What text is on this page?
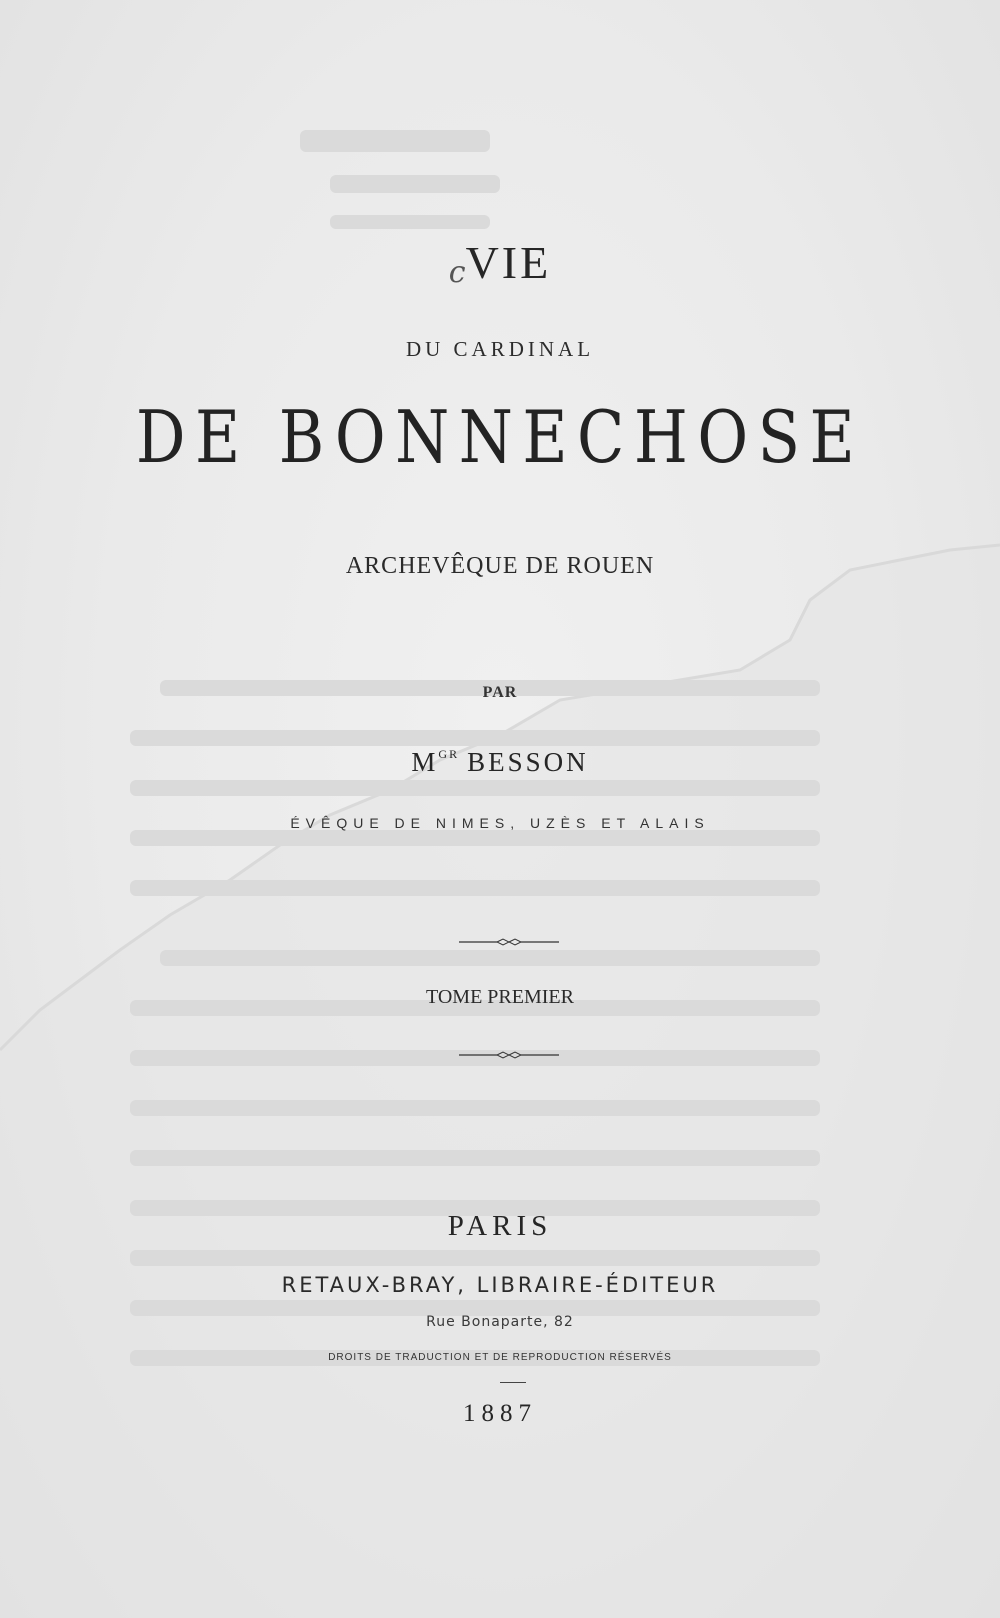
cVIE
DU CARDINAL
DE BONNECHOSE
ARCHEVÊQUE DE ROUEN
PAR
$M^{GR}$ BESSON
ÉVÊQUE DE NIMES, UZÈS ET ALAIS
TOME PREMIER
PARIS
RETAUX-BRAY, LIBRAIRE-ÉDITEUR
Rue Bonaparte, 82
DROITS DE TRADUCTION ET DE REPRODUCTION RÉSERVÉS
1887
